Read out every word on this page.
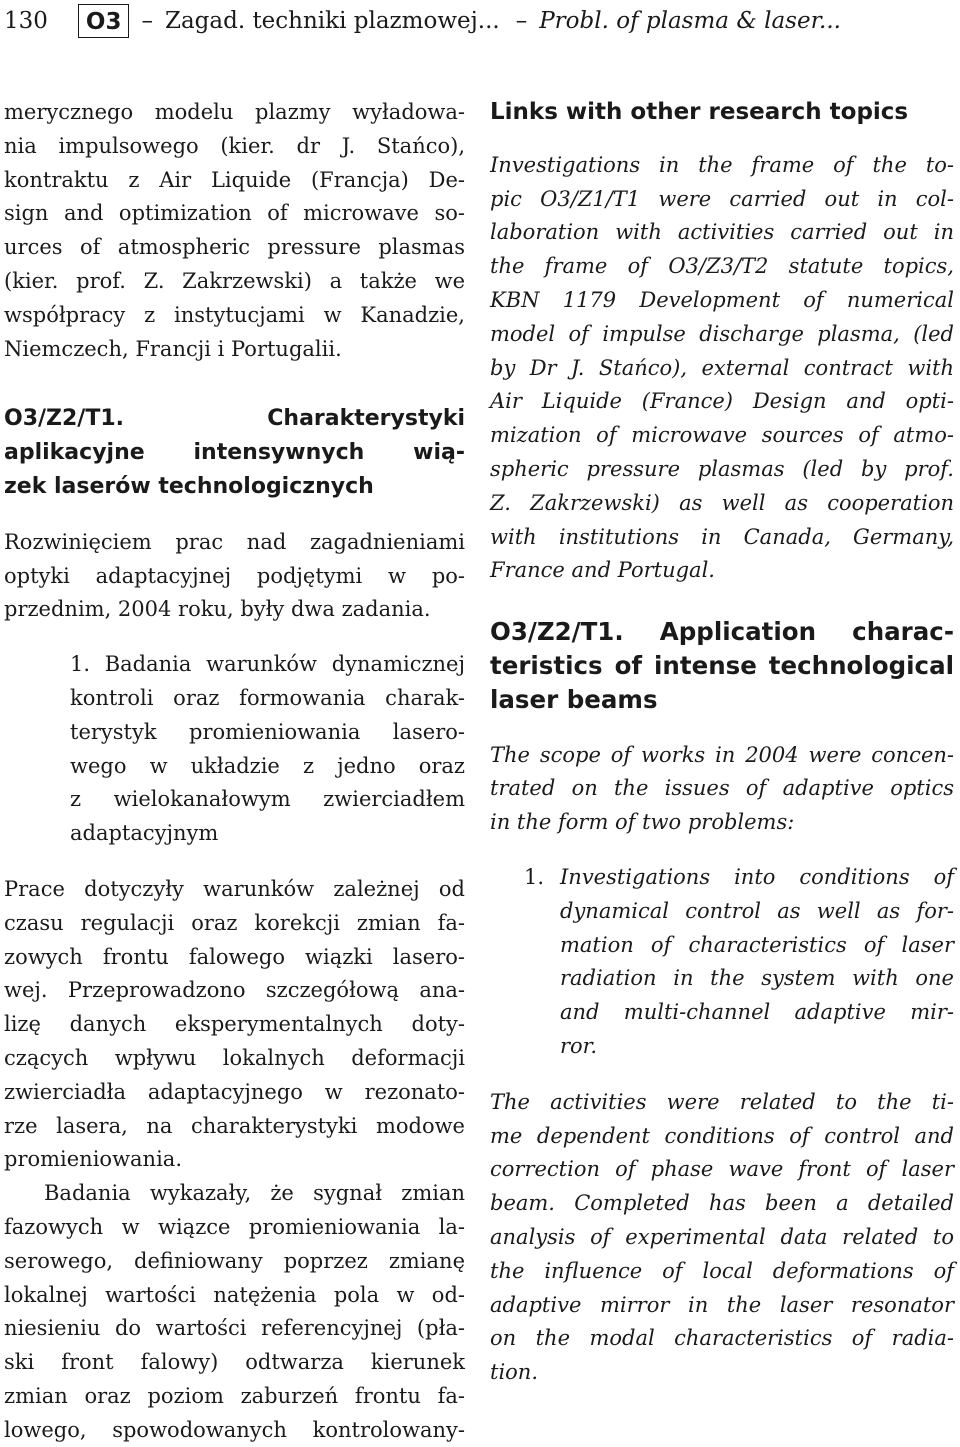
130	O3 – Zagad. techniki plazmowej... – Probl. of plasma & laser...
merycznego modelu plazmy wyładowa-
nia impulsowego (kier. dr J. Stańco),
kontraktu z Air Liquide (Francja) De-
sign and optimization of microwave so-
urces of atmospheric pressure plasmas
(kier. prof. Z. Zakrzewski) a także we
współpracy z instytucjami w Kanadzie,
Niemczech, Francji i Portugalii.
O3/Z2/T1. Charakterystyki
aplikacyjne intensywnych wią-
zek laserów technologicznych
Rozwinięciem prac nad zagadnieniami
optyki adaptacyjnej podjętymi w po-
przednim, 2004 roku, były dwa zadania.
1. Badania warunków dynamicznej
kontroli oraz formowania charak-
terystyk promieniowania lasero-
wego w układzie z jedno oraz
z wielokanałowym zwierciadłem
adaptacyjnym
Prace dotyczyły warunków zależnej od
czasu regulacji oraz korekcji zmian fa-
zowych frontu falowego wiązki lasero-
wej. Przeprowadzono szczegółową ana-
lizę danych eksperymentalnych doty-
czących wpływu lokalnych deformacji
zwierciadła adaptacyjnego w rezonato-
rze lasera, na charakterystyki modowe
promieniowania.
Badania wykazały, że sygnał zmian
fazowych w wiązce promieniowania la-
serowego, definiowany poprzez zmianę
lokalnej wartości natężenia pola w od-
niesieniu do wartości referencyjnej (pła-
ski front falowy) odtwarza kierunek
zmian oraz poziom zaburzeń frontu fa-
lowego, spowodowanych kontrolowany-
Links with other research topics
Investigations in the frame of the to-
pic O3/Z1/T1 were carried out in col-
laboration with activities carried out in
the frame of O3/Z3/T2 statute topics,
KBN 1179 Development of numerical
model of impulse discharge plasma, (led
by Dr J. Stańco), external contract with
Air Liquide (France) Design and opti-
mization of microwave sources of atmo-
spheric pressure plasmas (led by prof.
Z. Zakrzewski) as well as cooperation
with institutions in Canada, Germany,
France and Portugal.
O3/Z2/T1. Application charac-
teristics of intense technological
laser beams
The scope of works in 2004 were concen-
trated on the issues of adaptive optics
in the form of two problems:
1. Investigations into conditions of
dynamical control as well as for-
mation of characteristics of laser
radiation in the system with one
and multi-channel adaptive mir-
ror.
The activities were related to the ti-
me dependent conditions of control and
correction of phase wave front of laser
beam. Completed has been a detailed
analysis of experimental data related to
the influence of local deformations of
adaptive mirror in the laser resonator
on the modal characteristics of radia-
tion.
